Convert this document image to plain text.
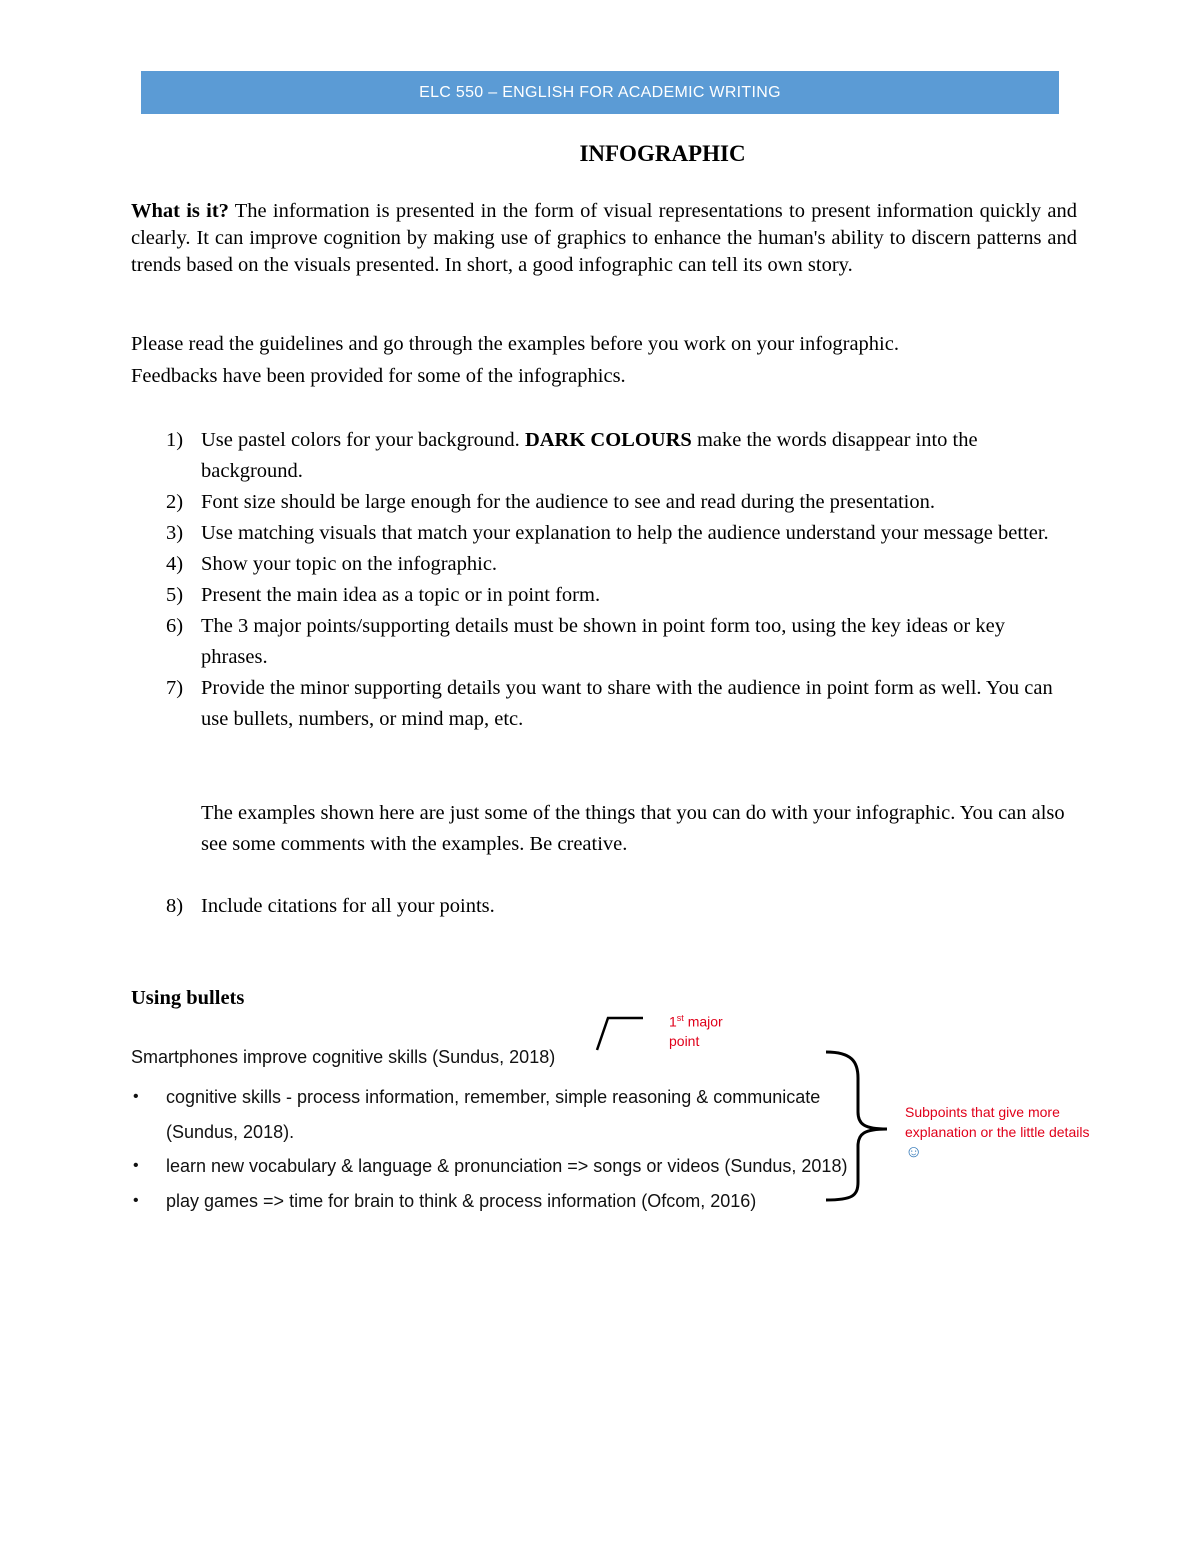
ELC 550 – ENGLISH FOR ACADEMIC WRITING
INFOGRAPHIC

What is it? The information is presented in the form of visual representations to present information quickly and clearly. It can improve cognition by making use of graphics to enhance the human's ability to discern patterns and trends based on the visuals presented. In short, a good infographic can tell its own story.

Please read the guidelines and go through the examples before you work on your infographic.

Feedbacks have been provided for some of the infographics.

1) Use pastel colors for your background. DARK COLOURS make the words disappear into the background.
2) Font size should be large enough for the audience to see and read during the presentation.
3) Use matching visuals that match your explanation to help the audience understand your message better.
4) Show your topic on the infographic.
5) Present the main idea as a topic or in point form.
6) The 3 major points/supporting details must be shown in point form too, using the key ideas or key phrases.
7) Provide the minor supporting details you want to share with the audience in point form as well. You can use bullets, numbers, or mind map, etc.

The examples shown here are just some of the things that you can do with your infographic. You can also see some comments with the examples. Be creative.

8) Include citations for all your points.

Using bullets

Smartphones improve cognitive skills (Sundus, 2018)

• cognitive skills - process information, remember, simple reasoning & communicate (Sundus, 2018).
• learn new vocabulary & language & pronunciation => songs or videos (Sundus, 2018)
• play games => time for brain to think & process information (Ofcom, 2016)

1st major point

Subpoints that give more explanation or the little details ☺
